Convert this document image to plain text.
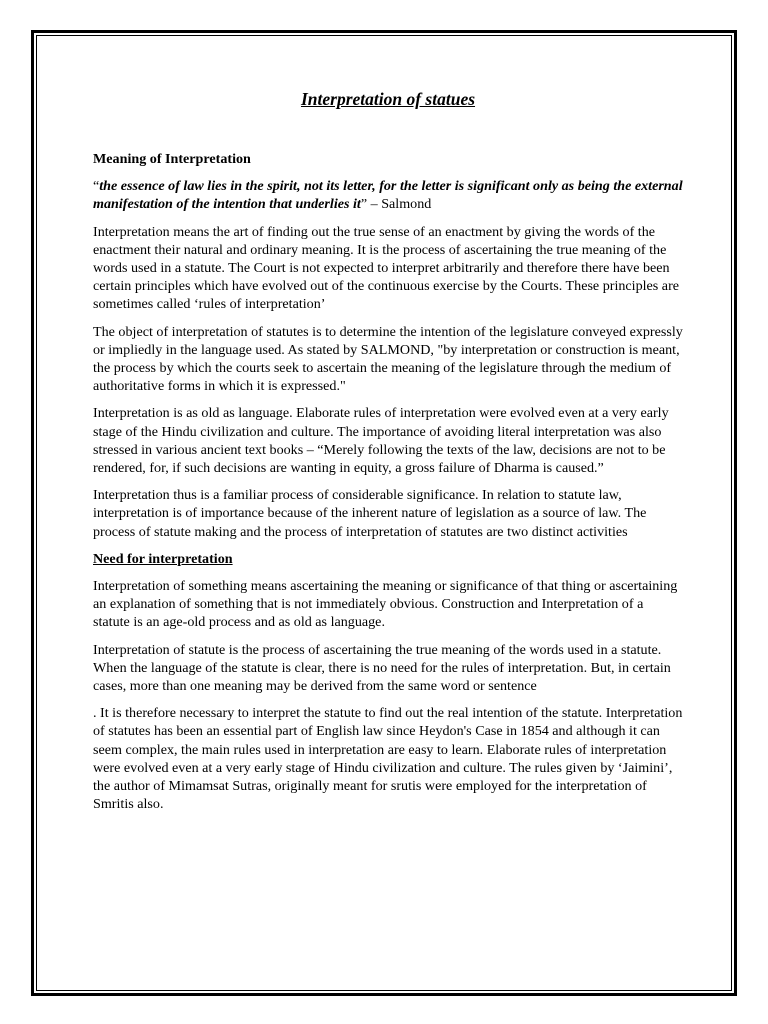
Interpretation of statues
Meaning of Interpretation

“the essence of law lies in the spirit, not its letter, for the letter is significant only as being the external manifestation of the intention that underlies it” – Salmond

Interpretation means the art of finding out the true sense of an enactment by giving the words of the enactment their natural and ordinary meaning. It is the process of ascertaining the true meaning of the words used in a statute. The Court is not expected to interpret arbitrarily and therefore there have been certain principles which have evolved out of the continuous exercise by the Courts. These principles are sometimes called ‘rules of interpretation’

The object of interpretation of statutes is to determine the intention of the legislature conveyed expressly or impliedly in the language used. As stated by SALMOND, "by interpretation or construction is meant, the process by which the courts seek to ascertain the meaning of the legislature through the medium of authoritative forms in which it is expressed."

Interpretation is as old as language. Elaborate rules of interpretation were evolved even at a very early stage of the Hindu civilization and culture. The importance of avoiding literal interpretation was also stressed in various ancient text books – “Merely following the texts of the law, decisions are not to be rendered, for, if such decisions are wanting in equity, a gross failure of Dharma is caused.”

Interpretation thus is a familiar process of considerable significance. In relation to statute law, interpretation is of importance because of the inherent nature of legislation as a source of law. The process of statute making and the process of interpretation of statutes are two distinct activities

Need for interpretation

Interpretation of something means ascertaining the meaning or significance of that thing or ascertaining an explanation of something that is not immediately obvious. Construction and Interpretation of a statute is an age-old process and as old as language.

Interpretation of statute is the process of ascertaining the true meaning of the words used in a statute. When the language of the statute is clear, there is no need for the rules of interpretation. But, in certain cases, more than one meaning may be derived from the same word or sentence

. It is therefore necessary to interpret the statute to find out the real intention of the statute. Interpretation of statutes has been an essential part of English law since Heydon's Case in 1854 and although it can seem complex, the main rules used in interpretation are easy to learn. Elaborate rules of interpretation were evolved even at a very early stage of Hindu civilization and culture. The rules given by ‘Jaimini’, the author of Mimamsat Sutras, originally meant for srutis were employed for the interpretation of Smritis also.
